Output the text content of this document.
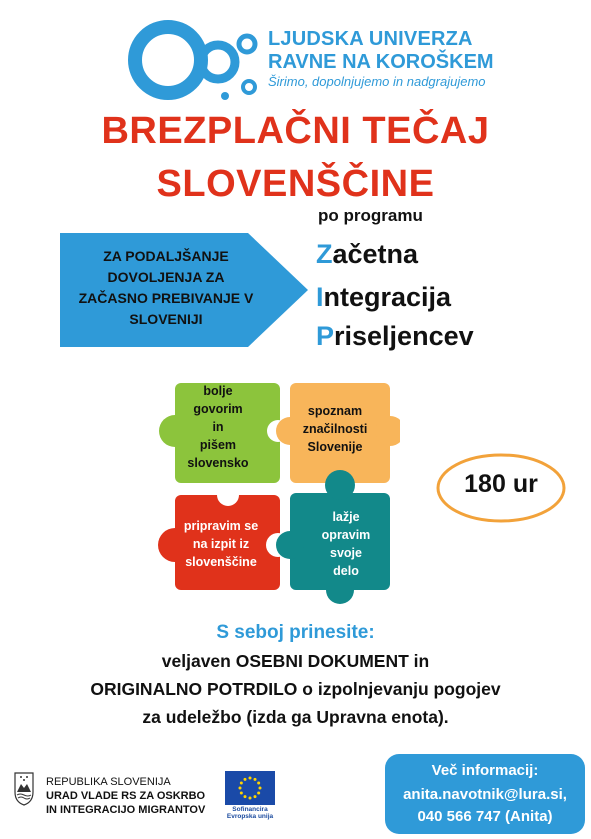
LJUDSKA UNIVERZA
RAVNE NA KOROŠKEM
Širimo, dopolnjujemo in nadgrajujemo
BREZPLAČNI TEČAJ
SLOVENŠČINE
po programu
ZA PODALJŠANJE
DOVOLJENJA ZA
ZAČASNO PREBIVANJE V
SLOVENIJI
Začetna
Integracija
Priseljencev
bolje
govorim
in
pišem
slovensko
spoznam
značilnosti
Slovenije
pripravim se
na izpit iz
slovenščine
lažje
opravim
svoje
delo
180 ur
S seboj prinesite:
veljaven OSEBNI DOKUMENT in
ORIGINALNO POTRDILO o izpolnjevanju pogojev
za udeležbo (izda ga Upravna enota).
REPUBLIKA SLOVENIJA
URAD VLADE RS ZA OSKRBO
IN INTEGRACIJO MIGRANTOV	Sofinancira
Evropska unija
Več informacij:
anita.navotnik@lura.si,
040 566 747 (Anita)
